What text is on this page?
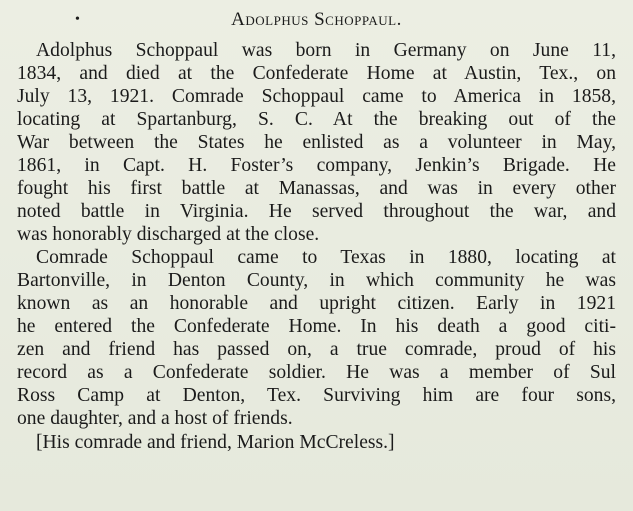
•	Adolphus Schoppaul.
Adolphus Schoppaul was born in Germany on June 11,
1834, and died at the Confederate Home at Austin, Tex., on
July 13, 1921. Comrade Schoppaul came to America in 1858,
locating at Spartanburg, S. C. At the breaking out of the
War between the States he enlisted as a volunteer in May,
1861, in Capt. H. Foster’s company, Jenkin’s Brigade. He
fought his first battle at Manassas, and was in every other
noted battle in Virginia. He served throughout the war, and
was honorably discharged at the close.
Comrade Schoppaul came to Texas in 1880, locating at
Bartonville, in Denton County, in which community he was
known as an honorable and upright citizen. Early in 1921
he entered the Confederate Home. In his death a good citi-
zen and friend has passed on, a true comrade, proud of his
record as a Confederate soldier. He was a member of Sul
Ross Camp at Denton, Tex. Surviving him are four sons,
one daughter, and a host of friends.
[His comrade and friend, Marion McCreless.]
